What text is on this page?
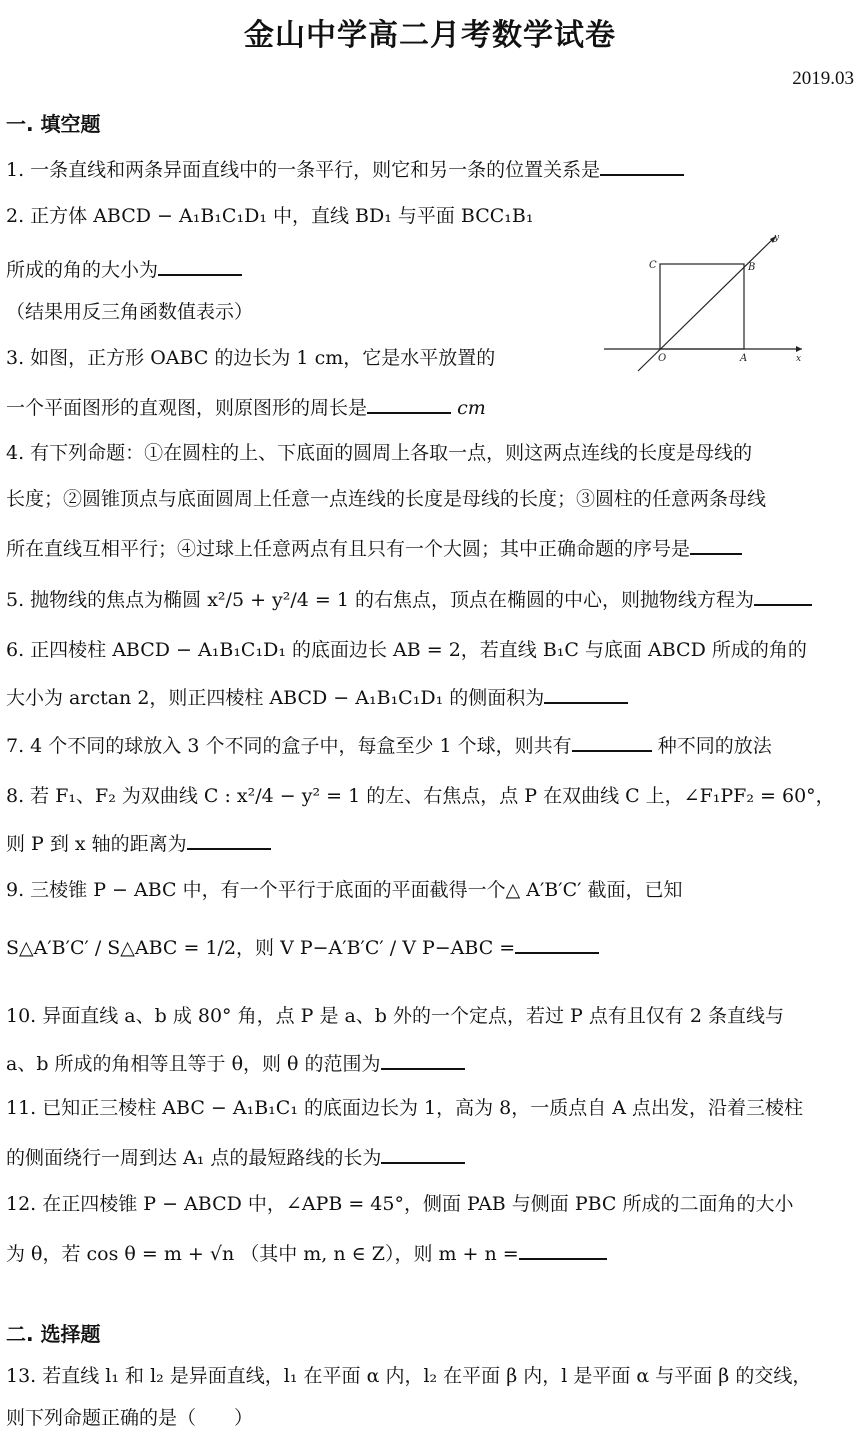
金山中学高二月考数学试卷
2019.03
一. 填空题
1. 一条直线和两条异面直线中的一条平行，则它和另一条的位置关系是
2. 正方体 ABCD − A₁B₁C₁D₁ 中，直线 BD₁ 与平面 BCC₁B₁
所成的角的大小为
（结果用反三角函数值表示）
3. 如图，正方形 OABC 的边长为 1 cm，它是水平放置的
一个平面图形的直观图，则原图形的周长是	cm
4. 有下列命题：①在圆柱的上、下底面的圆周上各取一点，则这两点连线的长度是母线的
长度；②圆锥顶点与底面圆周上任意一点连线的长度是母线的长度；③圆柱的任意两条母线
所在直线互相平行；④过球上任意两点有且只有一个大圆；其中正确命题的序号是
5. 抛物线的焦点为椭圆 x²/5 + y²/4 = 1 的右焦点，顶点在椭圆的中心，则抛物线方程为
6. 正四棱柱 ABCD − A₁B₁C₁D₁ 的底面边长 AB = 2，若直线 B₁C 与底面 ABCD 所成的角的
大小为 arctan 2，则正四棱柱 ABCD − A₁B₁C₁D₁ 的侧面积为
7. 4 个不同的球放入 3 个不同的盒子中，每盒至少 1 个球，则共有	种不同的放法
8. 若 F₁、F₂ 为双曲线 C : x²/4 − y² = 1 的左、右焦点，点 P 在双曲线 C 上，∠F₁PF₂ = 60°，
则 P 到 x 轴的距离为
9. 三棱锥 P − ABC 中，有一个平行于底面的平面截得一个△ A′B′C′ 截面，已知
S△A′B′C′ / S△ABC = 1/2，则 V P−A′B′C′ / V P−ABC =
10. 异面直线 a、b 成 80° 角，点 P 是 a、b 外的一个定点，若过 P 点有且仅有 2 条直线与
a、b 所成的角相等且等于 θ，则 θ 的范围为
11. 已知正三棱柱 ABC − A₁B₁C₁ 的底面边长为 1，高为 8，一质点自 A 点出发，沿着三棱柱
的侧面绕行一周到达 A₁ 点的最短路线的长为
12. 在正四棱锥 P − ABCD 中，∠APB = 45°，侧面 PAB 与侧面 PBC 所成的二面角的大小
为 θ，若 cos θ = m + √n （其中 m, n ∈ Z），则 m + n =
二. 选择题
13. 若直线 l₁ 和 l₂ 是异面直线，l₁ 在平面 α 内，l₂ 在平面 β 内，l 是平面 α 与平面 β 的交线，
则下列命题正确的是（　　）
C	B
O	A	x
y
